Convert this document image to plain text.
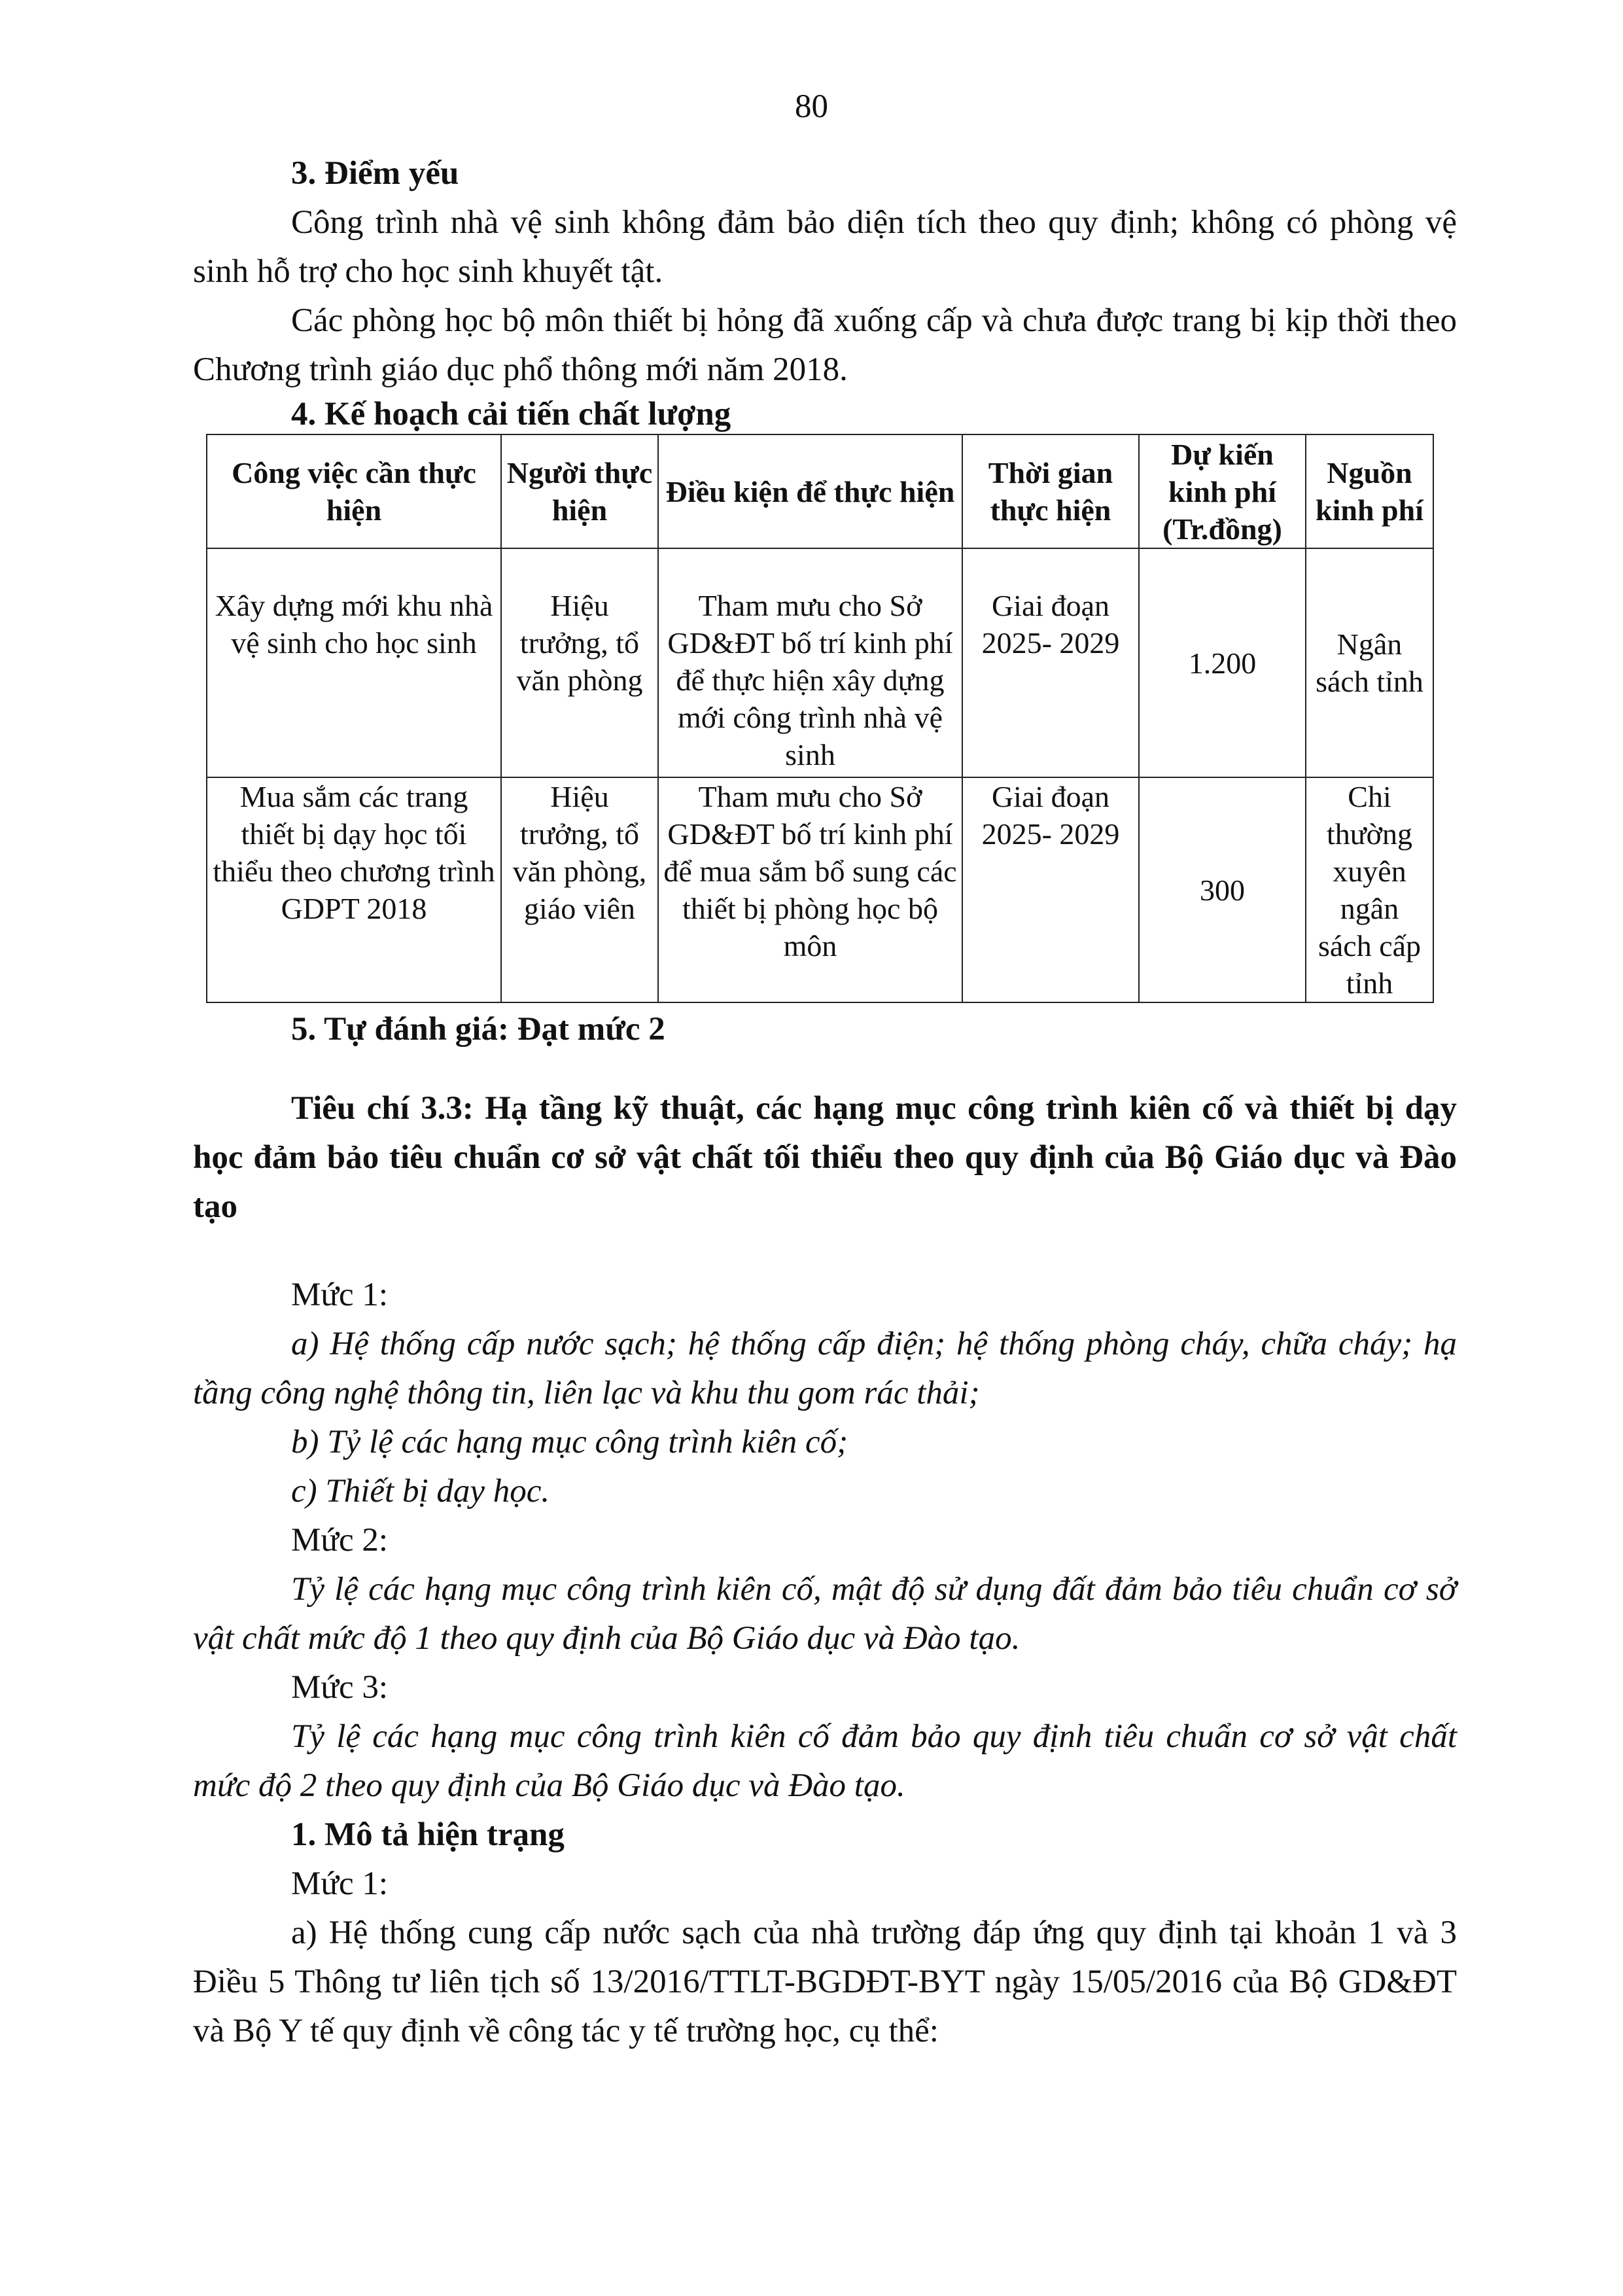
80

3. Điểm yếu

Công trình nhà vệ sinh không đảm bảo diện tích theo quy định; không có phòng vệ sinh hỗ trợ cho học sinh khuyết tật.

Các phòng học bộ môn thiết bị hỏng đã xuống cấp và chưa được trang bị kịp thời theo Chương trình giáo dục phổ thông mới năm 2018.

4. Kế hoạch cải tiến chất lượng

Công việc cần thực hiện	Người thực hiện	Điều kiện để thực hiện	Thời gian thực hiện	Dự kiến kinh phí (Tr.đồng)	Nguồn kinh phí
Xây dựng mới khu nhà vệ sinh cho học sinh	Hiệu trưởng, tổ văn phòng	Tham mưu cho Sở GD&ĐT bố trí kinh phí để thực hiện xây dựng mới công trình nhà vệ sinh	Giai đoạn 2025- 2029	1.200	Ngân sách tỉnh
Mua sắm các trang thiết bị dạy học tối thiểu theo chương trình GDPT 2018	Hiệu trưởng, tổ văn phòng, giáo viên	Tham mưu cho Sở GD&ĐT bố trí kinh phí để mua sắm bổ sung các thiết bị phòng học bộ môn	Giai đoạn 2025- 2029	300	Chi thường xuyên ngân sách cấp tỉnh

5. Tự đánh giá: Đạt mức 2

Tiêu chí 3.3: Hạ tầng kỹ thuật, các hạng mục công trình kiên cố và thiết bị dạy học đảm bảo tiêu chuẩn cơ sở vật chất tối thiểu theo quy định của Bộ Giáo dục và Đào tạo

Mức 1:

a) Hệ thống cấp nước sạch; hệ thống cấp điện; hệ thống phòng cháy, chữa cháy; hạ tầng công nghệ thông tin, liên lạc và khu thu gom rác thải;

b) Tỷ lệ các hạng mục công trình kiên cố;

c) Thiết bị dạy học.

Mức 2:

Tỷ lệ các hạng mục công trình kiên cố, mật độ sử dụng đất đảm bảo tiêu chuẩn cơ sở vật chất mức độ 1 theo quy định của Bộ Giáo dục và Đào tạo.

Mức 3:

Tỷ lệ các hạng mục công trình kiên cố đảm bảo quy định tiêu chuẩn cơ sở vật chất mức độ 2 theo quy định của Bộ Giáo dục và Đào tạo.

1. Mô tả hiện trạng

Mức 1:

a) Hệ thống cung cấp nước sạch của nhà trường đáp ứng quy định tại khoản 1 và 3 Điều 5 Thông tư liên tịch số 13/2016/TTLT-BGDĐT-BYT ngày 15/05/2016 của Bộ GD&ĐT và Bộ Y tế quy định về công tác y tế trường học, cụ thể:
